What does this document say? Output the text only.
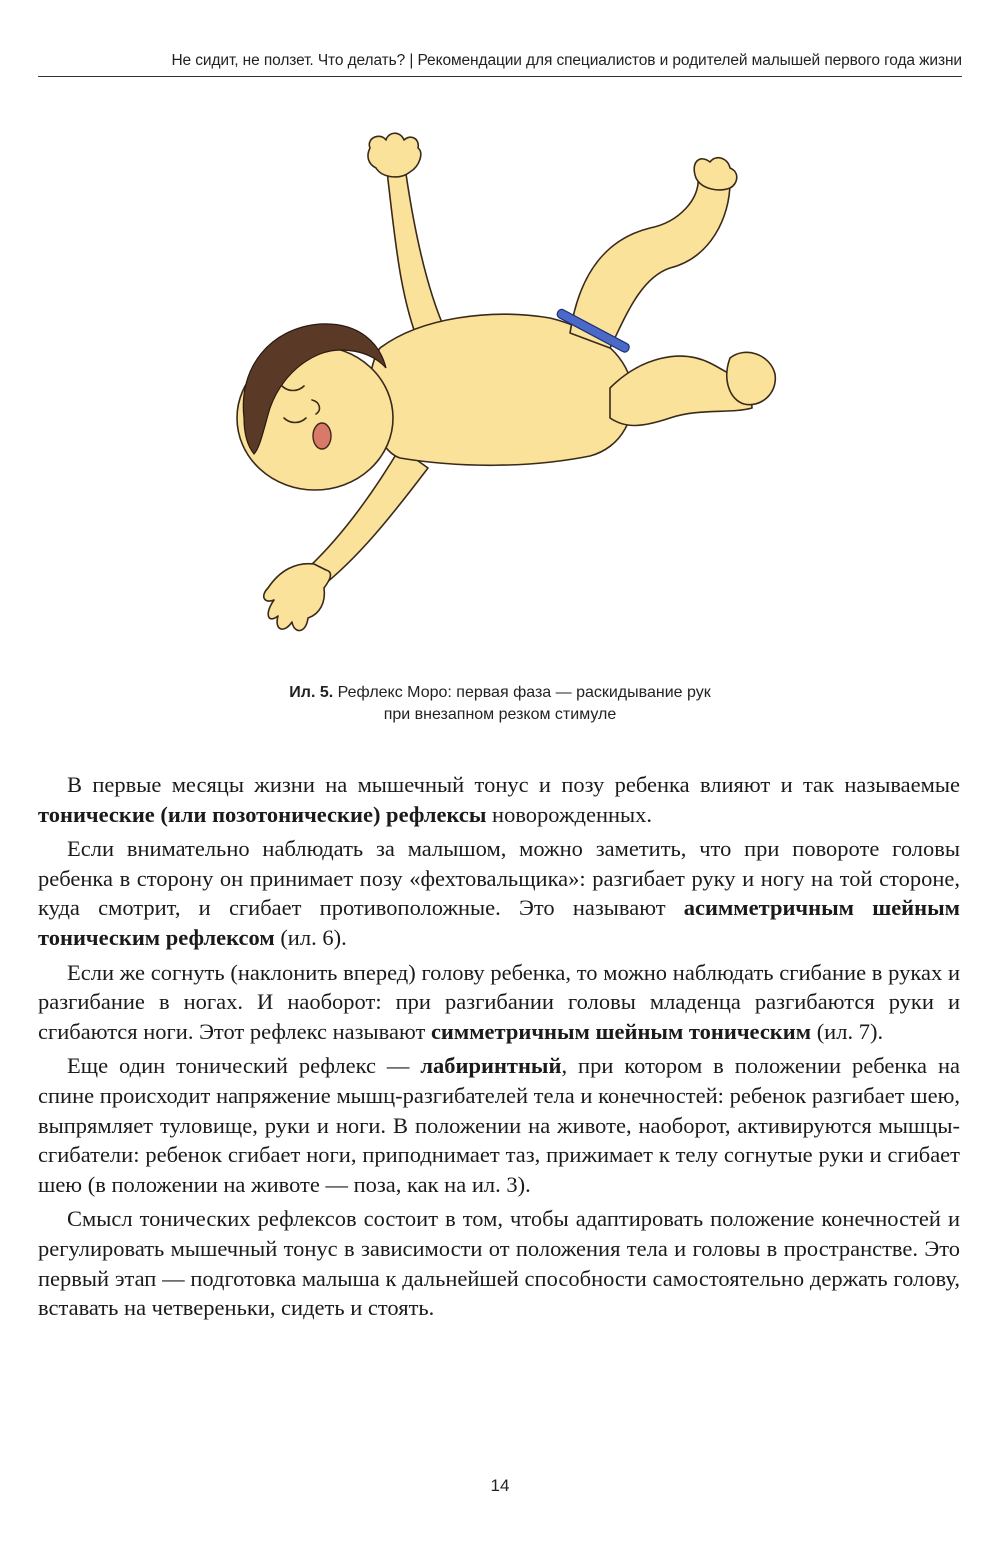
Не сидит, не ползет. Что делать? | Рекомендации для специалистов и родителей малышей первого года жизни
Ил. 5. Рефлекс Моро: первая фаза — раскидывание рук
при внезапном резком стимуле

В первые месяцы жизни на мышечный тонус и позу ребенка влияют и так называемые тонические (или позотонические) рефлексы новорожденных.

Если внимательно наблюдать за малышом, можно заметить, что при повороте головы ребенка в сторону он принимает позу «фехтовальщика»: разгибает руку и ногу на той стороне, куда смотрит, и сгибает противоположные. Это называют асимметричным шейным тоническим рефлексом (ил. 6).

Если же согнуть (наклонить вперед) голову ребенка, то можно наблюдать сгибание в руках и разгибание в ногах. И наоборот: при разгибании головы младенца разгибаются руки и сгибаются ноги. Этот рефлекс называют симметричным шейным тоническим (ил. 7).

Еще один тонический рефлекс — лабиринтный, при котором в положении ребенка на спине происходит напряжение мышц-разгибателей тела и конечностей: ребенок разгибает шею, выпрямляет туловище, руки и ноги. В положении на животе, наоборот, активируются мышцы-сгибатели: ребенок сгибает ноги, приподнимает таз, прижимает к телу согнутые руки и сгибает шею (в положении на животе — поза, как на ил. 3).

Смысл тонических рефлексов состоит в том, чтобы адаптировать положение конечностей и регулировать мышечный тонус в зависимости от положения тела и головы в пространстве. Это первый этап — подготовка малыша к дальнейшей способности самостоятельно держать голову, вставать на четвереньки, сидеть и стоять.

14
